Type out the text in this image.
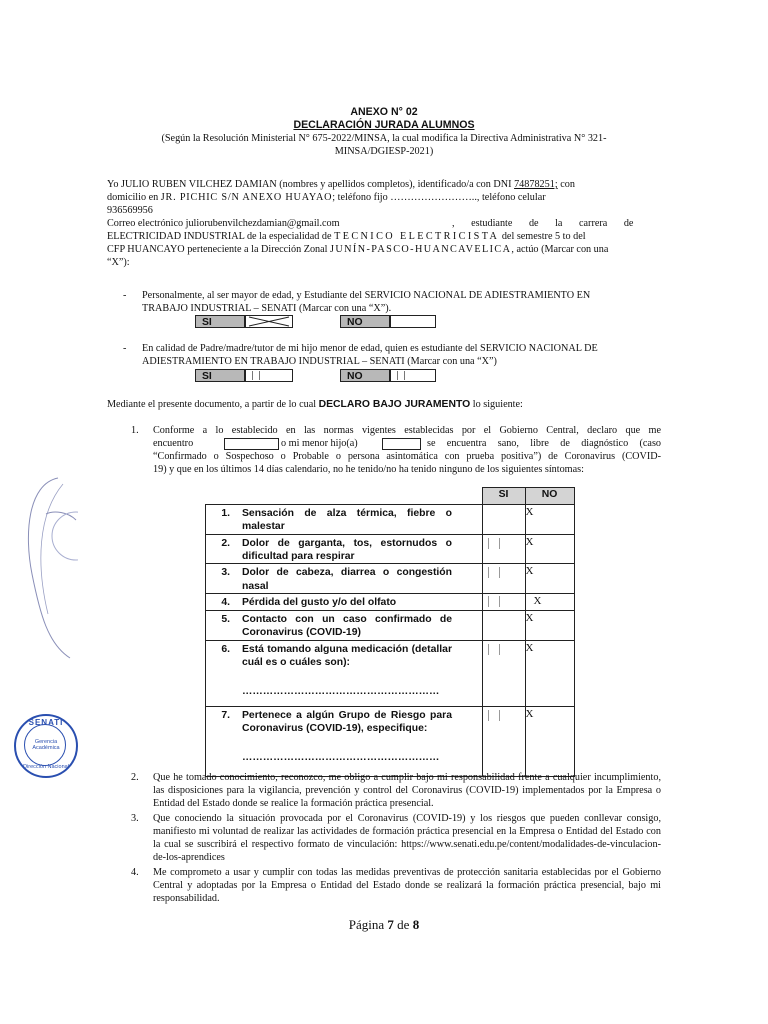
ANEXO N° 02
DECLARACIÓN JURADA ALUMNOS
(Según la Resolución Ministerial N° 675-2022/MINSA, la cual modifica la Directiva Administrativa N° 321-
MINSA/DGIESP-2021)
Yo JULIO RUBEN VILCHEZ DAMIAN (nombres y apellidos completos), identificado/a con DNI 74878251; con
domicilio en JR. PICHIC S/N ANEXO HUAYAO; teléfono fijo …………………….., teléfono celular
936569956
Correo electrónico juliorubenvilchezdamian@gmail.com	, estudiante de la carrera de
ELECTRICIDAD INDUSTRIAL de la especialidad de TECNICO ELECTRICISTA del semestre 5 to del
CFP HUANCAYO perteneciente a la Dirección Zonal JUNÍN-PASCO-HUANCAVELICA, actúo (Marcar con una
“X”):
- Personalmente, al ser mayor de edad, y Estudiante del SERVICIO NACIONAL DE ADIESTRAMIENTO EN
TRABAJO INDUSTRIAL – SENATI (Marcar con una “X”).
SI	NO
- En calidad de Padre/madre/tutor de mi hijo menor de edad, quien es estudiante del SERVICIO NACIONAL DE
ADIESTRAMIENTO EN TRABAJO INDUSTRIAL – SENATI (Marcar con una “X”)
SI	NO
Mediante el presente documento, a partir de lo cual DECLARO BAJO JURAMENTO lo siguiente:
1. Conforme a lo establecido en las normas vigentes establecidas por el Gobierno Central, declaro que me
encuentro	o mi menor hijo(a)	se encuentra sano, libre de diagnóstico (caso
“Confirmado o Sospechoso o Probable o persona asintomática con prueba positiva”) de Coronavirus (COVID-
19) y que en los últimos 14 días calendario, no he tenido/no ha tenido ninguno de los siguientes síntomas:
	SI	NO
1. Sensación de alza térmica, fiebre o malestar		X
2. Dolor de garganta, tos, estornudos o dificultad para respirar		X
3. Dolor de cabeza, diarrea o congestión nasal		X
4. Pérdida del gusto y/o del olfato		X
5. Contacto con un caso confirmado de Coronavirus (COVID-19)		X
6. Está tomando alguna medicación (detallar cuál es o cuáles son):
…………………………………………………		X
7. Pertenece a algún Grupo de Riesgo para Coronavirus (COVID-19), especifique:
…………………………………………………		X
2. Que he tomado conocimiento, reconozco, me obligo a cumplir bajo mi responsabilidad frente a cualquier incumplimiento, las disposiciones para la vigilancia, prevención y control del Coronavirus (COVID-19) implementados por la Empresa o Entidad del Estado donde se realice la formación práctica presencial.
3. Que conociendo la situación provocada por el Coronavirus (COVID-19) y los riesgos que pueden conllevar consigo, manifiesto mi voluntad de realizar las actividades de formación práctica presencial en la Empresa o Entidad del Estado con la cual se suscribirá el respectivo formato de vinculación: https://www.senati.edu.pe/content/modalidades-de-vinculacion-de-los-aprendices
4. Me comprometo a usar y cumplir con todas las medidas preventivas de protección sanitaria establecidas por el Gobierno Central y adoptadas por la Empresa o Entidad del Estado donde se realizará la formación práctica presencial, bajo mi responsabilidad.
Página 7 de 8
SENATI
Gerencia Académica
Dirección Nacional
